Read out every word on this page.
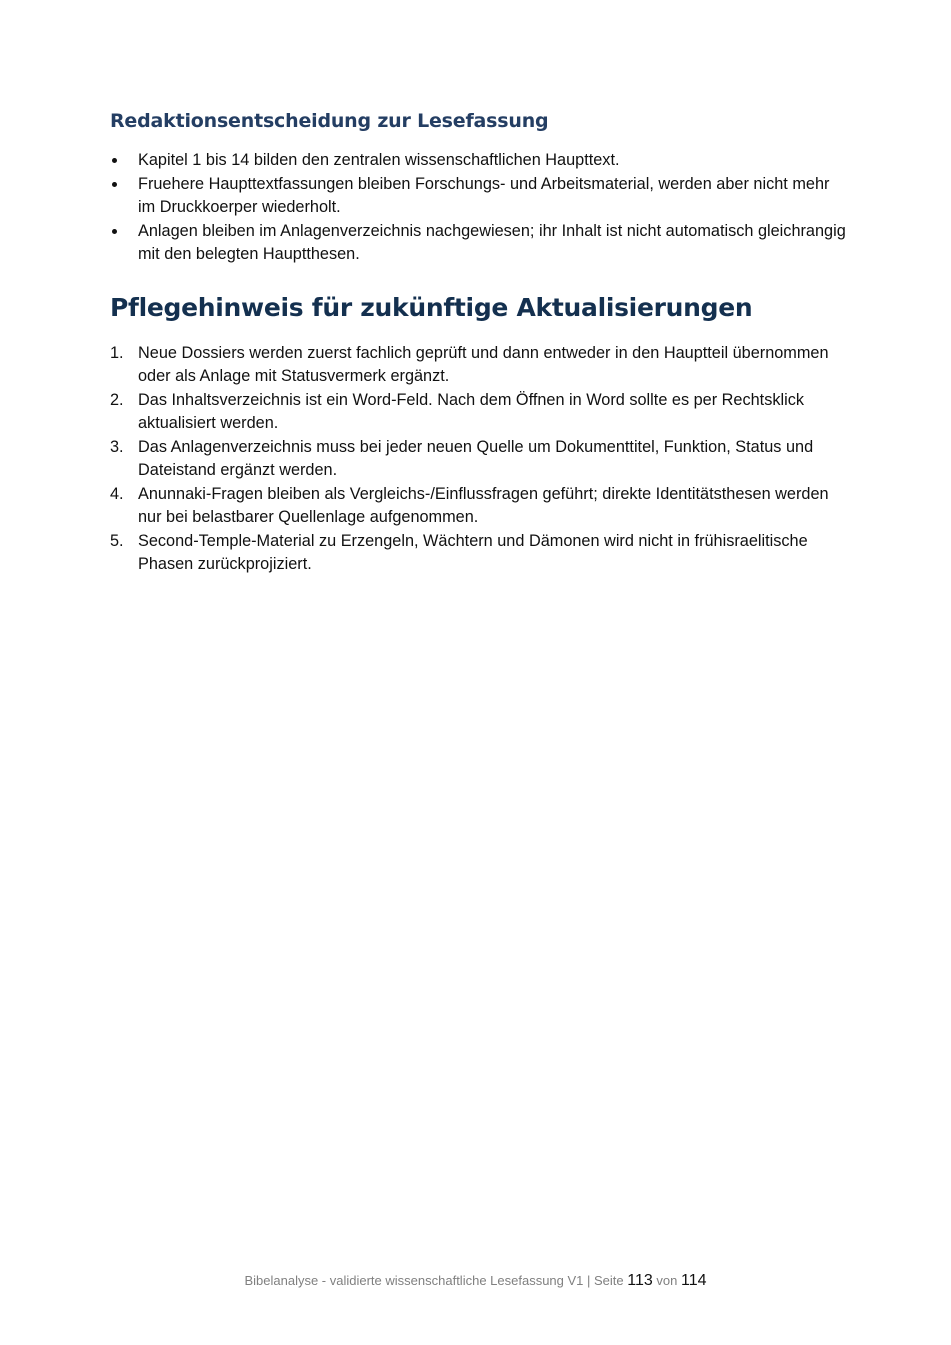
Redaktionsentscheidung zur Lesefassung
Kapitel 1 bis 14 bilden den zentralen wissenschaftlichen Haupttext.
Fruehere Haupttextfassungen bleiben Forschungs- und Arbeitsmaterial, werden aber nicht mehr im Druckkoerper wiederholt.
Anlagen bleiben im Anlagenverzeichnis nachgewiesen; ihr Inhalt ist nicht automatisch gleichrangig mit den belegten Hauptthesen.
Pflegehinweis für zukünftige Aktualisierungen
1. Neue Dossiers werden zuerst fachlich geprüft und dann entweder in den Hauptteil übernommen oder als Anlage mit Statusvermerk ergänzt.
2. Das Inhaltsverzeichnis ist ein Word-Feld. Nach dem Öffnen in Word sollte es per Rechtsklick aktualisiert werden.
3. Das Anlagenverzeichnis muss bei jeder neuen Quelle um Dokumenttitel, Funktion, Status und Dateistand ergänzt werden.
4. Anunnaki-Fragen bleiben als Vergleichs-/Einflussfragen geführt; direkte Identitätsthesen werden nur bei belastbarer Quellenlage aufgenommen.
5. Second-Temple-Material zu Erzengeln, Wächtern und Dämonen wird nicht in frühisraelitische Phasen zurückprojiziert.
Bibelanalyse - validierte wissenschaftliche Lesefassung V1 | Seite 113 von 114
